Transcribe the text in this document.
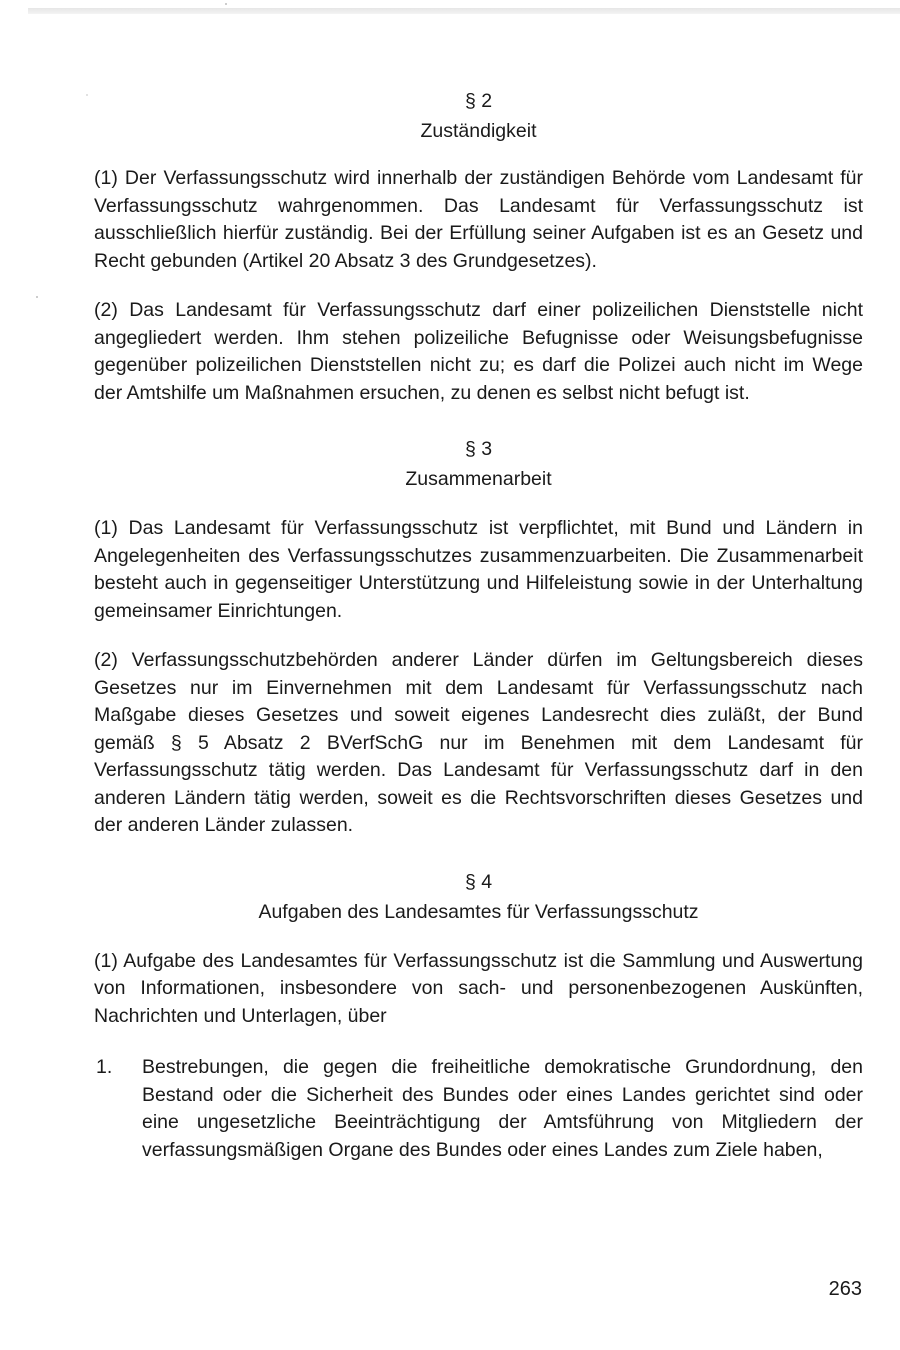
§ 2

Zuständigkeit

(1) Der Verfassungsschutz wird innerhalb der zuständigen Behörde vom Landesamt für Verfassungsschutz wahrgenommen. Das Landesamt für Verfassungsschutz ist ausschließlich hierfür zuständig. Bei der Erfüllung seiner Aufgaben ist es an Gesetz und Recht gebunden (Artikel 20 Absatz 3 des Grundgesetzes).

(2) Das Landesamt für Verfassungsschutz darf einer polizeilichen Dienststelle nicht angegliedert werden. Ihm stehen polizeiliche Befugnisse oder Weisungsbefugnisse gegenüber polizeilichen Dienststellen nicht zu; es darf die Polizei auch nicht im Wege der Amtshilfe um Maßnahmen ersuchen, zu denen es selbst nicht befugt ist.

§ 3

Zusammenarbeit

(1) Das Landesamt für Verfassungsschutz ist verpflichtet, mit Bund und Ländern in Angelegenheiten des Verfassungsschutzes zusammenzuarbeiten. Die Zusammenarbeit besteht auch in gegenseitiger Unterstützung und Hilfeleistung sowie in der Unterhaltung gemeinsamer Einrichtungen.

(2) Verfassungsschutzbehörden anderer Länder dürfen im Geltungsbereich dieses Gesetzes nur im Einvernehmen mit dem Landesamt für Verfassungsschutz nach Maßgabe dieses Gesetzes und soweit eigenes Landesrecht dies zuläßt, der Bund gemäß § 5 Absatz 2 BVerfSchG nur im Benehmen mit dem Landesamt für Verfassungsschutz tätig werden. Das Landesamt für Verfassungsschutz darf in den anderen Ländern tätig werden, soweit es die Rechtsvorschriften dieses Gesetzes und der anderen Länder zulassen.

§ 4

Aufgaben des Landesamtes für Verfassungsschutz

(1) Aufgabe des Landesamtes für Verfassungsschutz ist die Sammlung und Auswertung von Informationen, insbesondere von sach- und personenbezogenen Auskünften, Nachrichten und Unterlagen, über

1. Bestrebungen, die gegen die freiheitliche demokratische Grundordnung, den Bestand oder die Sicherheit des Bundes oder eines Landes gerichtet sind oder eine ungesetzliche Beeinträchtigung der Amtsführung von Mitgliedern der verfassungsmäßigen Organe des Bundes oder eines Landes zum Ziele haben,
263
